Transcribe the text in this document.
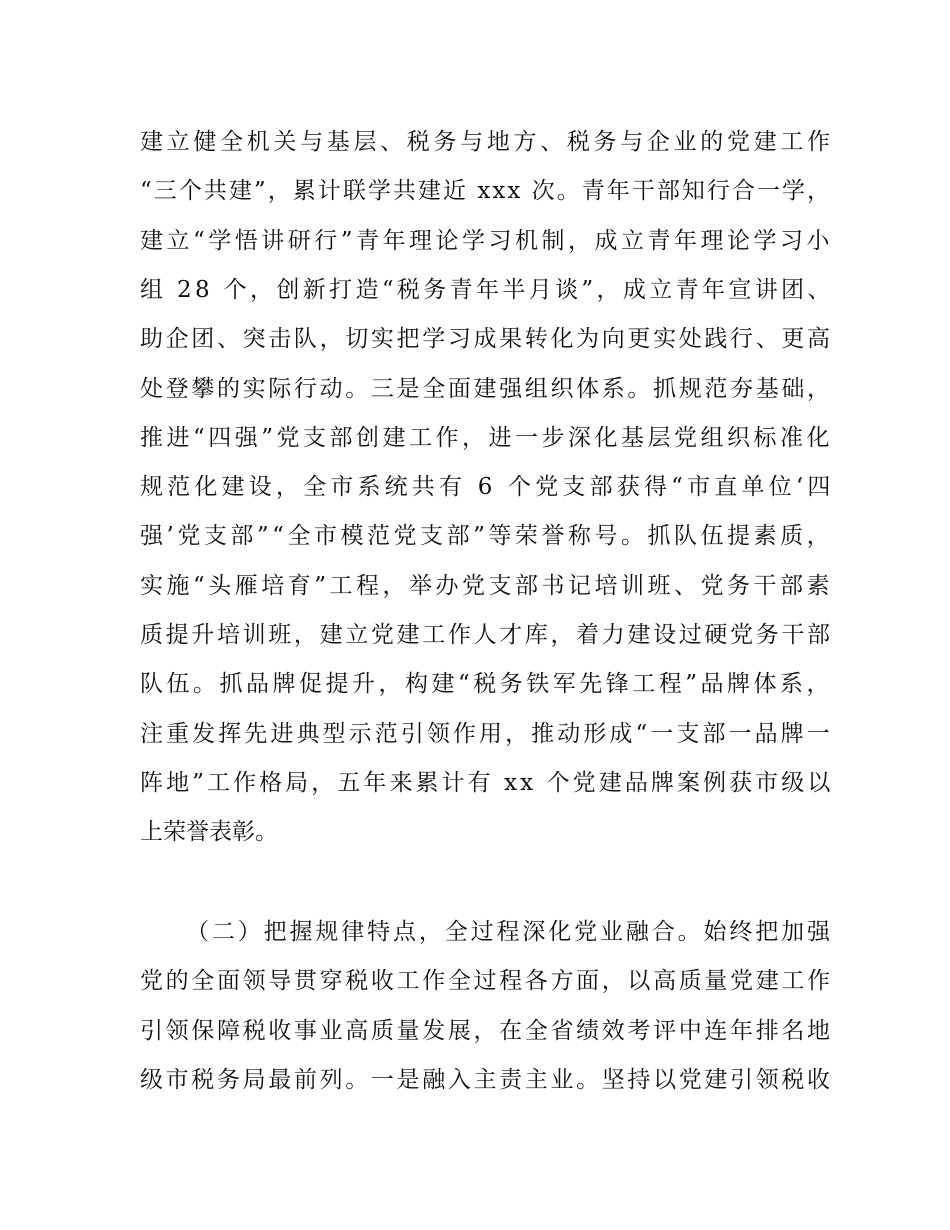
建立健全机关与基层、税务与地方、税务与企业的党建工作
“三个共建”，累计联学共建近 xxx 次。青年干部知行合一学，
建立“学悟讲研行”青年理论学习机制，成立青年理论学习小
组 28 个，创新打造“税务青年半月谈”，成立青年宣讲团、
助企团、突击队，切实把学习成果转化为向更实处践行、更高
处登攀的实际行动。三是全面建强组织体系。抓规范夯基础，
推进“四强”党支部创建工作，进一步深化基层党组织标准化
规范化建设，全市系统共有 6 个党支部获得“市直单位‘四
强’党支部”“全市模范党支部”等荣誉称号。抓队伍提素质，
实施“头雁培育”工程，举办党支部书记培训班、党务干部素
质提升培训班，建立党建工作人才库，着力建设过硬党务干部
队伍。抓品牌促提升，构建“税务铁军先锋工程”品牌体系，
注重发挥先进典型示范引领作用，推动形成“一支部一品牌一
阵地”工作格局，五年来累计有 xx 个党建品牌案例获市级以
上荣誉表彰。
（二）把握规律特点，全过程深化党业融合。始终把加强
党的全面领导贯穿税收工作全过程各方面，以高质量党建工作
引领保障税收事业高质量发展，在全省绩效考评中连年排名地
级市税务局最前列。一是融入主责主业。坚持以党建引领税收
